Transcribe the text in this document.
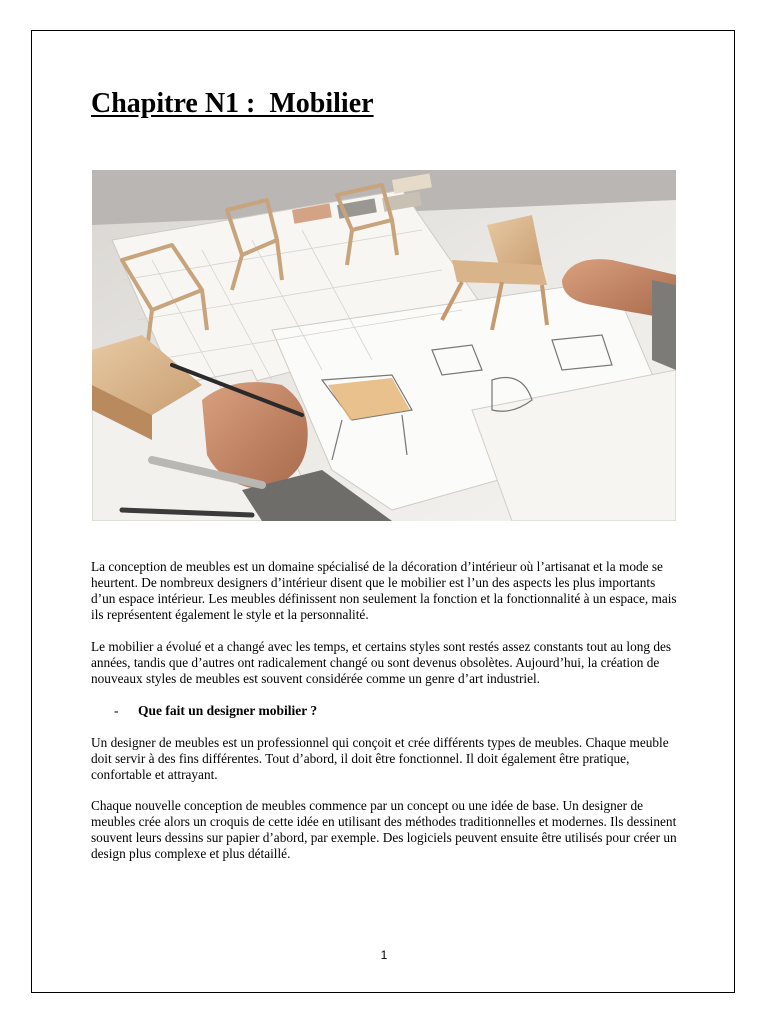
Chapitre N1 :  Mobilier

La conception de meubles est un domaine spécialisé de la décoration d’intérieur où l’artisanat et la mode se heurtent. De nombreux designers d’intérieur disent que le mobilier est l’un des aspects les plus importants d’un espace intérieur. Les meubles définissent non seulement la fonction et la fonctionnalité à un espace, mais ils représentent également le style et la personnalité.

Le mobilier a évolué et a changé avec les temps, et certains styles sont restés assez constants tout au long des années, tandis que d’autres ont radicalement changé ou sont devenus obsolètes. Aujourd’hui, la création de nouveaux styles de meubles est souvent considérée comme un genre d’art industriel.

-	Que fait un designer mobilier ?

Un designer de meubles est un professionnel qui conçoit et crée différents types de meubles. Chaque meuble doit servir à des fins différentes. Tout d’abord, il doit être fonctionnel. Il doit également être pratique, confortable et attrayant.

Chaque nouvelle conception de meubles commence par un concept ou une idée de base. Un designer de meubles crée alors un croquis de cette idée en utilisant des méthodes traditionnelles et modernes. Ils dessinent souvent leurs dessins sur papier d’abord, par exemple. Des logiciels peuvent ensuite être utilisés pour créer un design plus complexe et plus détaillé.

1
